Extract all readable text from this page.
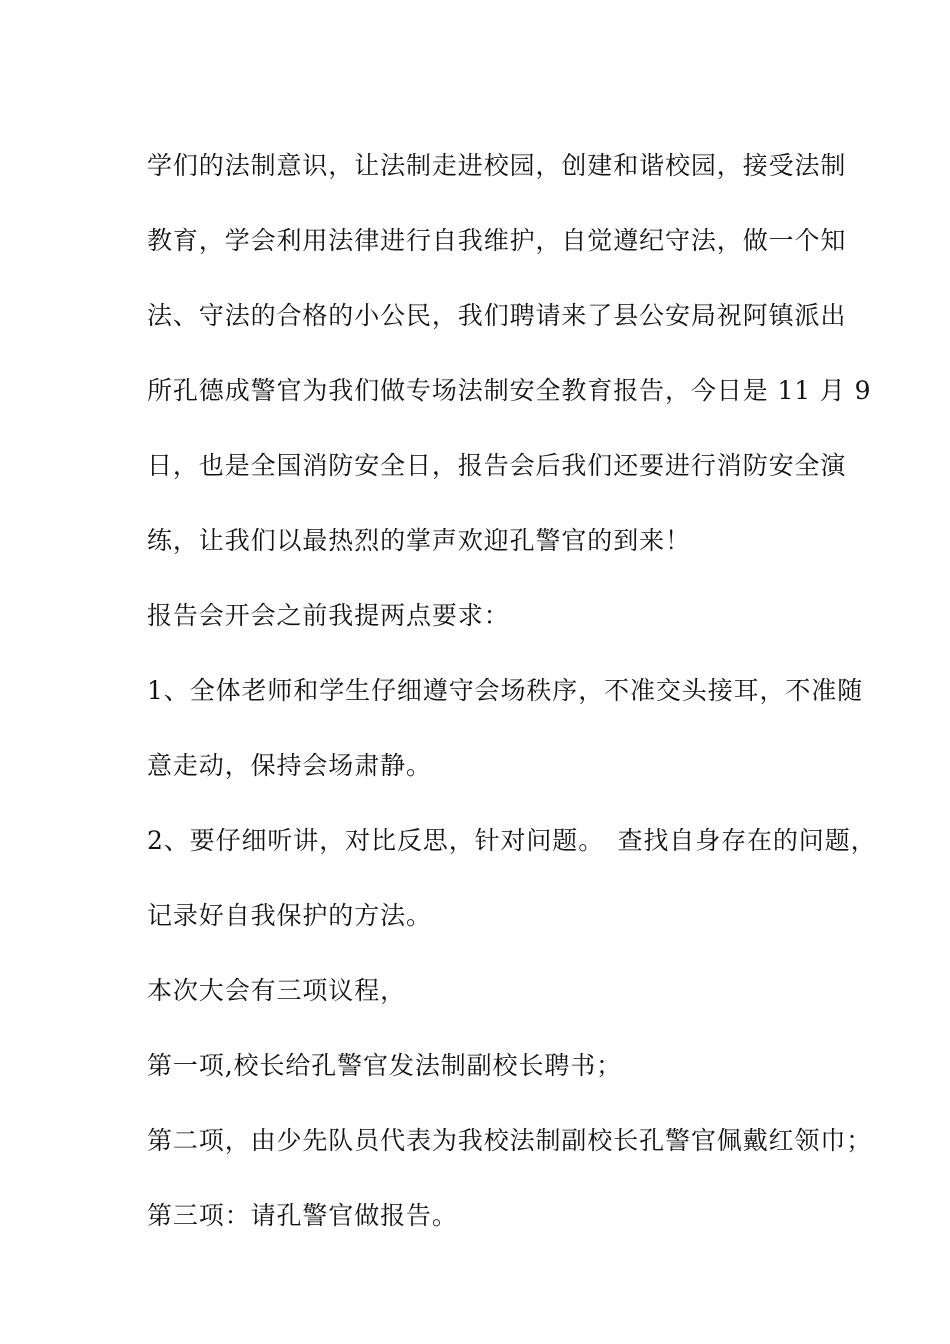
学们的法制意识，让法制走进校园，创建和谐校园，接受法制
教育，学会利用法律进行自我维护，自觉遵纪守法，做一个知
法、守法的合格的小公民，我们聘请来了县公安局祝阿镇派出
所孔德成警官为我们做专场法制安全教育报告，今日是 11 月 9
日，也是全国消防安全日，报告会后我们还要进行消防安全演
练，让我们以最热烈的掌声欢迎孔警官的到来！
报告会开会之前我提两点要求：
1、全体老师和学生仔细遵守会场秩序，不准交头接耳，不准随
意走动，保持会场肃静。
2、要仔细听讲，对比反思，针对问题。　查找自身存在的问题，
记录好自我保护的方法。
本次大会有三项议程，
第一项,校长给孔警官发法制副校长聘书；
第二项，由少先队员代表为我校法制副校长孔警官佩戴红领巾；
第三项：请孔警官做报告。
